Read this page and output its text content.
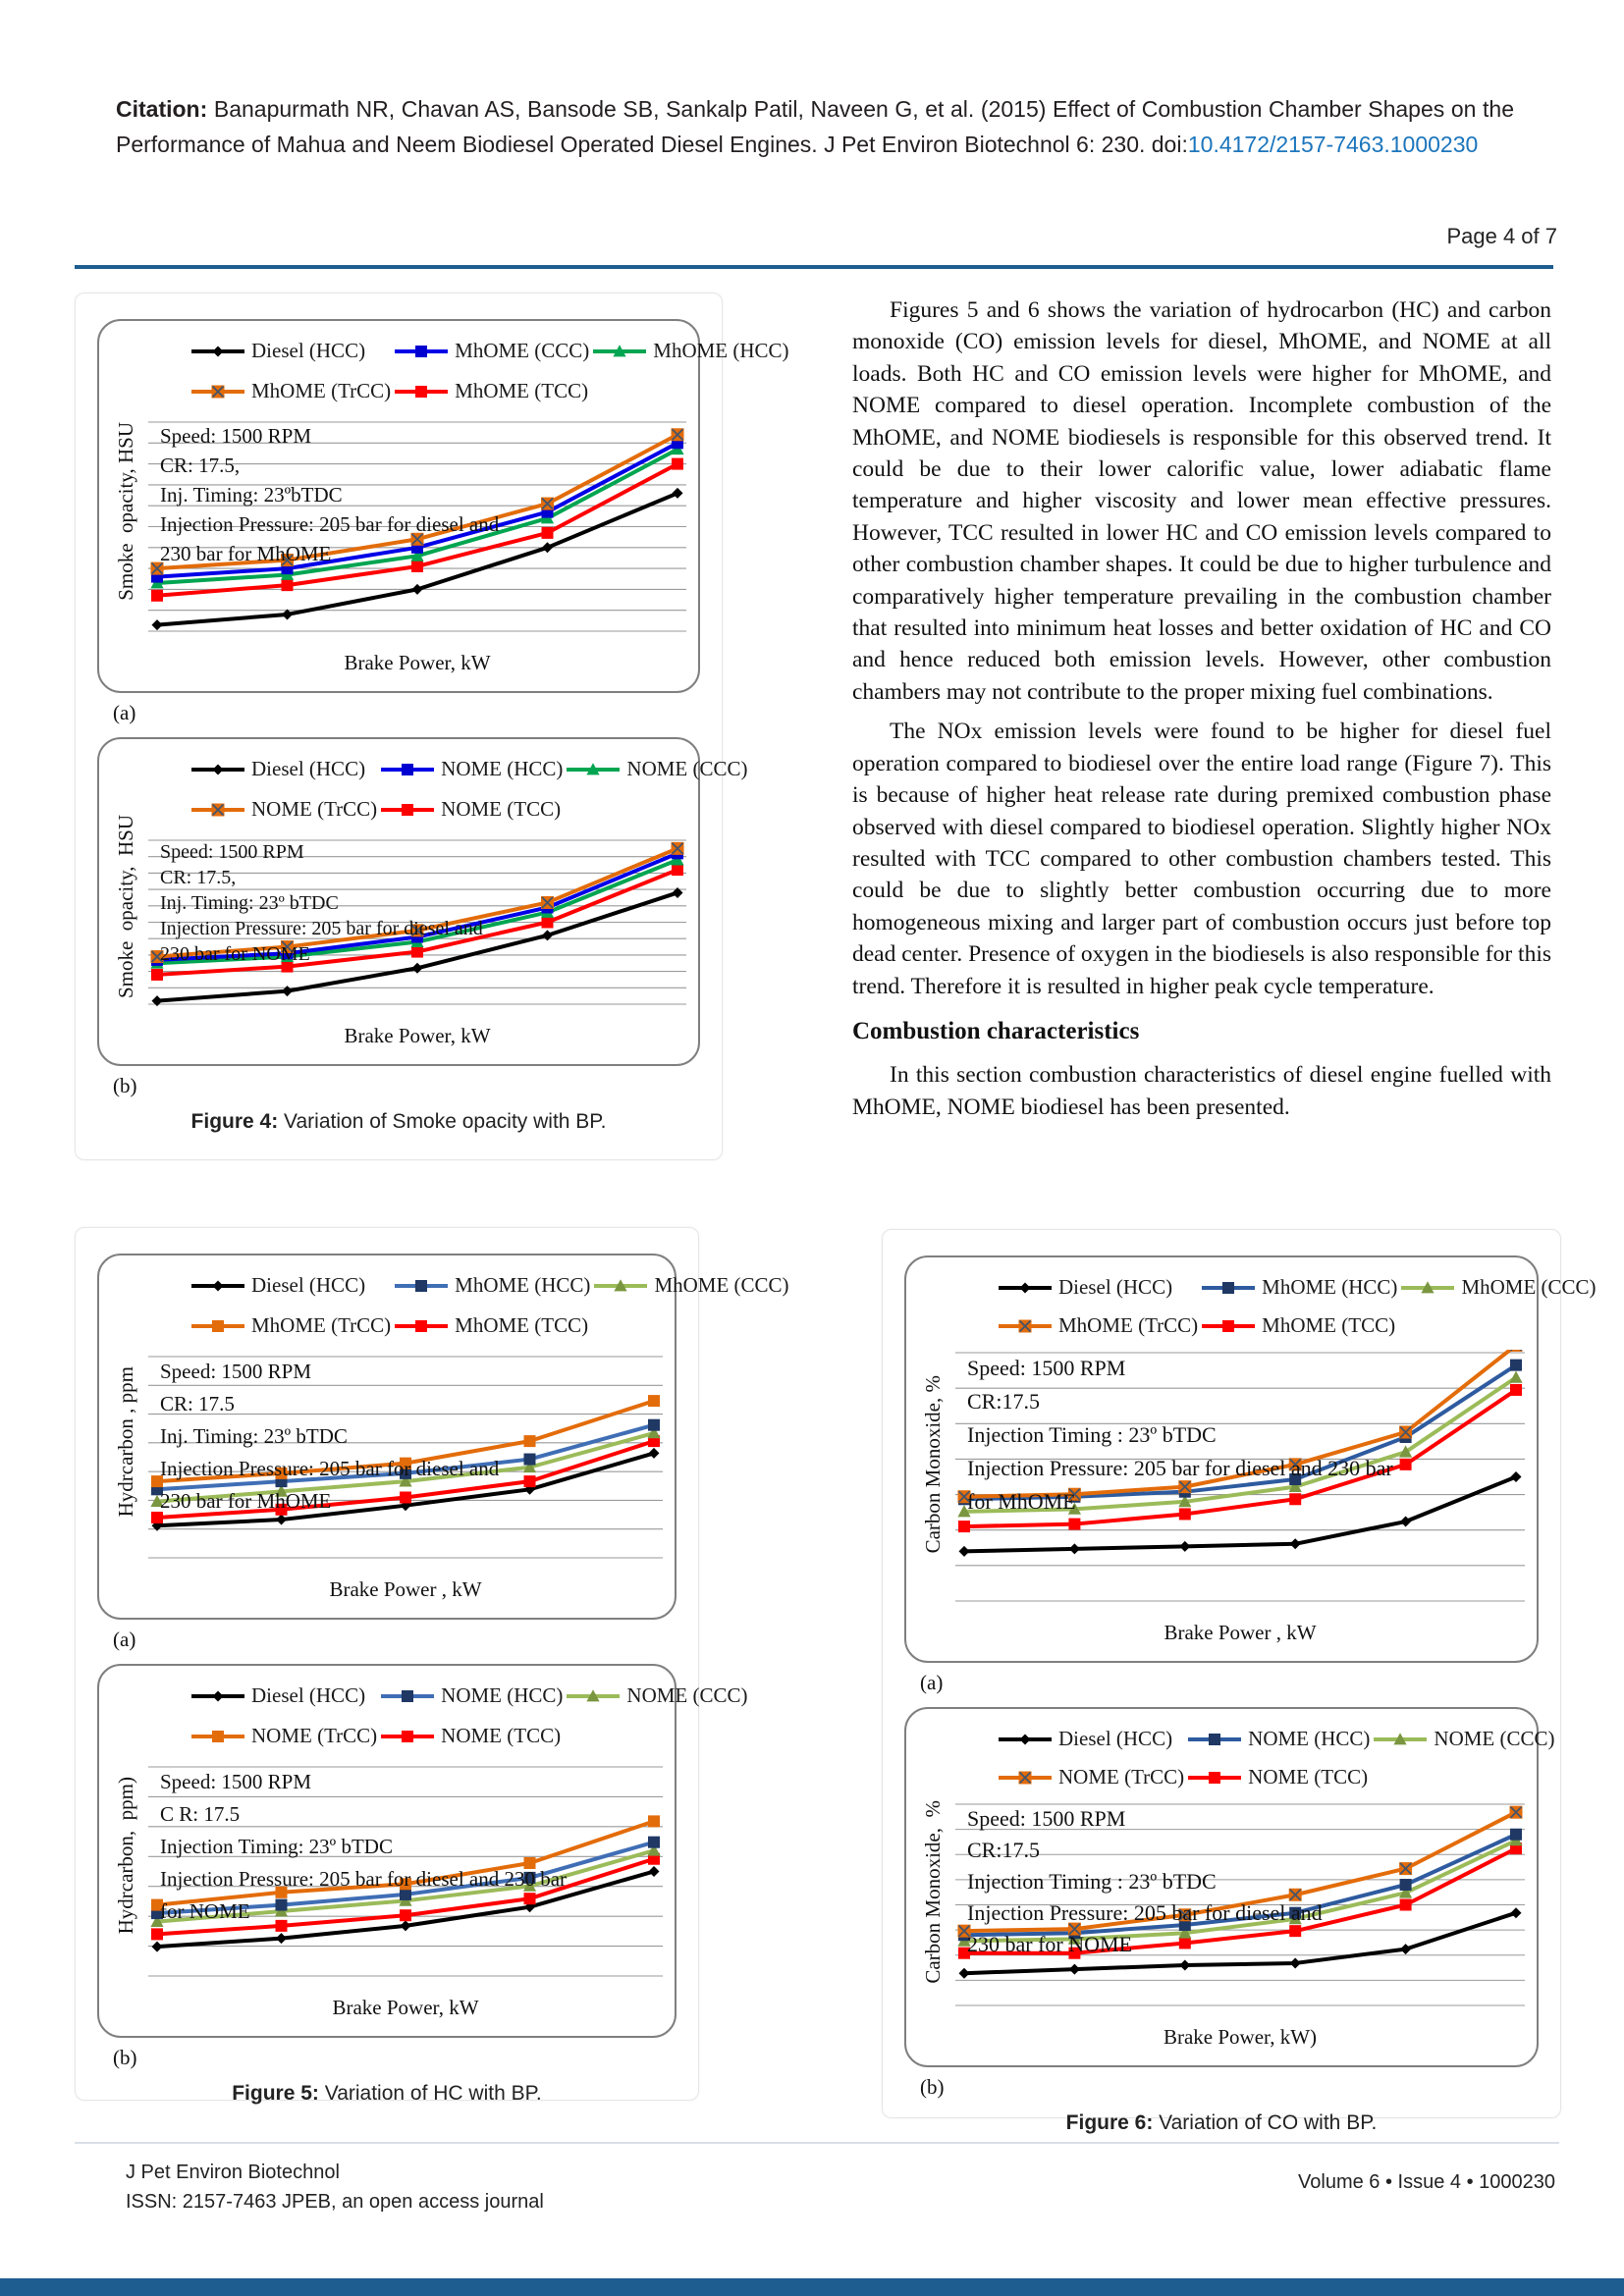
Citation: Banapurmath NR, Chavan AS, Bansode SB, Sankalp Patil, Naveen G, et al. (2015) Effect of Combustion Chamber Shapes on the Performance of Mahua and Neem Biodiesel Operated Diesel Engines. J Pet Environ Biotechnol 6: 230. doi:10.4172/2157-7463.1000230

Page 4 of 7
Smoke  opacity, HSU
Diesel (HCC)	MhOME (CCC)	MhOME (HCC)
MhOME (TrCC)	MhOME (TCC)
Speed: 1500 RPM
CR: 17.5,
Inj. Timing: 23ºbTDC
Injection Pressure: 205 bar for diesel and
230 bar for MhOME
Brake Power, kW
(a)
Smoke  opacity,  HSU
Diesel (HCC)	NOME (HCC)	NOME (CCC)
NOME (TrCC)	NOME (TCC)
Speed: 1500 RPM
CR: 17.5,
Inj. Timing: 23º bTDC
Injection Pressure: 205 bar for diesel and
230 bar for NOME
Brake Power, kW
(b)
Figure 4: Variation of Smoke opacity with BP.
Hydrcarbon , ppm
Diesel (HCC)	MhOME (HCC)	MhOME (CCC)
MhOME (TrCC)	MhOME (TCC)
Speed: 1500 RPM
CR: 17.5
Inj. Timing: 23º bTDC
Injection Pressure: 205 bar for diesel and
230 bar for MhOME
Brake Power , kW
(a)
Hydrcarbon,  ppm)
Diesel (HCC)	NOME (HCC)	NOME (CCC)
NOME (TrCC)	NOME (TCC)
Speed: 1500 RPM
C R: 17.5
Injection Timing: 23º bTDC
Injection Pressure: 205 bar for diesel and 230 bar
for NOME
Brake Power, kW
(b)
Figure 5: Variation of HC with BP.

Figures 5 and 6 shows the variation of hydrocarbon (HC) and carbon monoxide (CO) emission levels for diesel, MhOME, and NOME at all loads. Both HC and CO emission levels were higher for MhOME, and NOME compared to diesel operation. Incomplete combustion of the MhOME, and NOME biodiesels is responsible for this observed trend. It could be due to their lower calorific value, lower adiabatic flame temperature and higher viscosity and lower mean effective pressures. However, TCC resulted in lower HC and CO emission levels compared to other combustion chamber shapes. It could be due to higher turbulence and comparatively higher temperature prevailing in the combustion chamber that resulted into minimum heat losses and better oxidation of HC and CO and hence reduced both emission levels. However, other combustion chambers may not contribute to the proper mixing fuel combinations.

The NOx emission levels were found to be higher for diesel fuel operation compared to biodiesel over the entire load range (Figure 7). This is because of higher heat release rate during premixed combustion phase observed with diesel compared to biodiesel operation. Slightly higher NOx resulted with TCC compared to other combustion chambers tested. This could be due to slightly better combustion occurring due to more homogeneous mixing and larger part of combustion occurs just before top dead center. Presence of oxygen in the biodiesels is also responsible for this trend. Therefore it is resulted in higher peak cycle temperature.

Combustion characteristics

In this section combustion characteristics of diesel engine fuelled with MhOME, NOME biodiesel has been presented.

Carbon Monoxide, %
Diesel (HCC)	MhOME (HCC)	MhOME (CCC)
MhOME (TrCC)	MhOME (TCC)
Speed: 1500 RPM
CR:17.5
Injection Timing : 23º bTDC
Injection Pressure: 205 bar for diesel and 230 bar
for MhOME
Brake Power , kW
(a)
Carbon Monoxide,  %
Diesel (HCC)	NOME (HCC)	NOME (CCC)
NOME (TrCC)	NOME (TCC)
Speed: 1500 RPM
CR:17.5
Injection Timing : 23º bTDC
Injection Pressure: 205 bar for diesel and
230 bar for NOME
Brake Power, kW)
(b)
Figure 6: Variation of CO with BP.
J Pet Environ Biotechnol
ISSN: 2157-7463 JPEB, an open access journal
Volume 6 • Issue 4 • 1000230
